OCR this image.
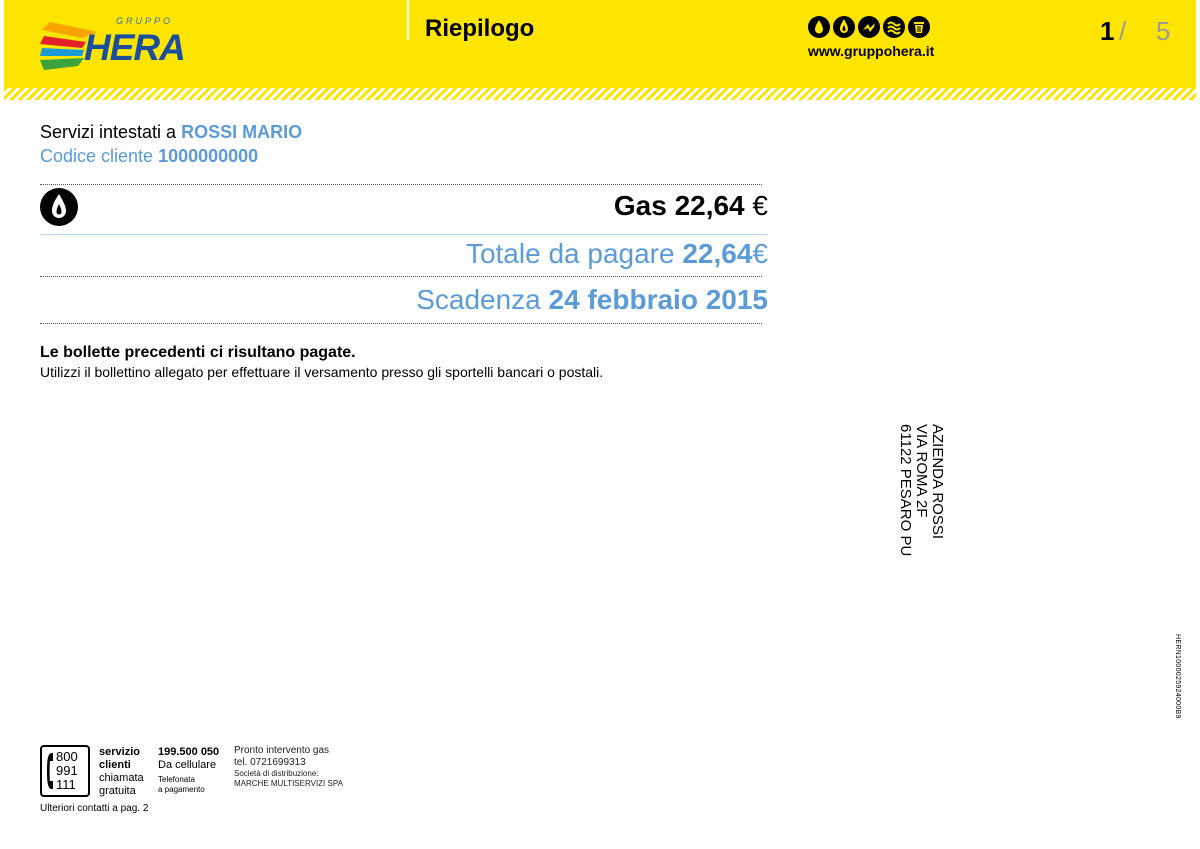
GRUPPO
HERA	Riepilogo
www.gruppohera.it
1 / 5
Servizi intestati a ROSSI MARIO
Codice cliente 1000000000
Gas 22,64 €
Totale da pagare 22,64€
Scadenza 24 febbraio 2015
Le bollette precedenti ci risultano pagate.
Utilizzi il bollettino allegato per effettuare il versamento presso gli sportelli bancari o postali.
AZIENDA ROSSI
VIA ROMA 2F
61122 PESARO PU
HERN1000025924000B9
800
991
111
servizio
clienti
chiamata
gratuita
199.500 050
Da cellulare
Telefonata
a pagamento
Pronto intervento gas
tel. 0721699313
Società di distribuzione:
MARCHE MULTISERVIZI SPA
Ulteriori contatti a pag. 2
